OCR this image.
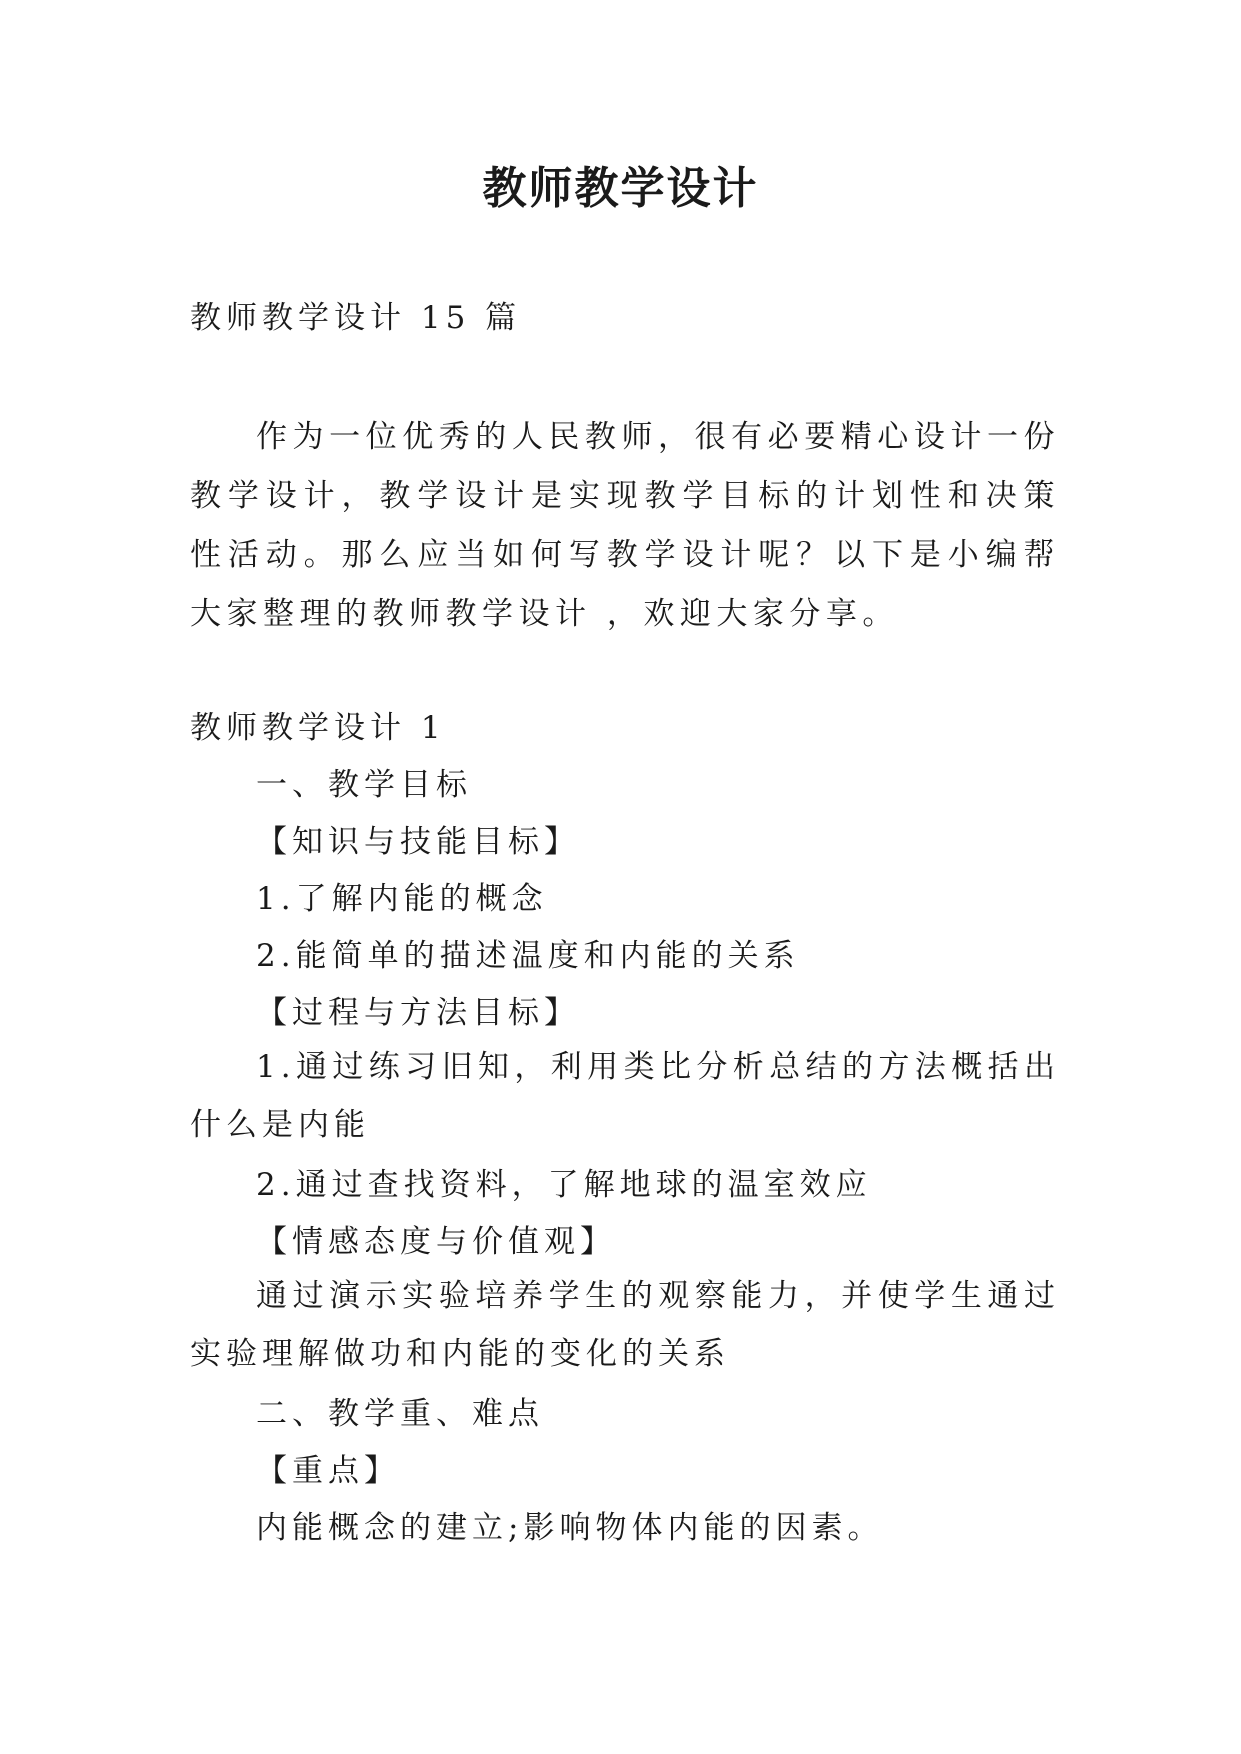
教师教学设计
教师教学设计 15 篇
作为一位优秀的人民教师，很有必要精心设计一份教学设计，教学设计是实现教学目标的计划性和决策性活动。那么应当如何写教学设计呢？以下是小编帮大家整理的教师教学设计 ，欢迎大家分享。
教师教学设计 1
一、教学目标
【知识与技能目标】
1.了解内能的概念
2.能简单的描述温度和内能的关系
【过程与方法目标】
1.通过练习旧知，利用类比分析总结的方法概括出什么是内能
2.通过查找资料，了解地球的温室效应
【情感态度与价值观】
通过演示实验培养学生的观察能力，并使学生通过实验理解做功和内能的变化的关系
二、教学重、难点
【重点】
内能概念的建立;影响物体内能的因素。
